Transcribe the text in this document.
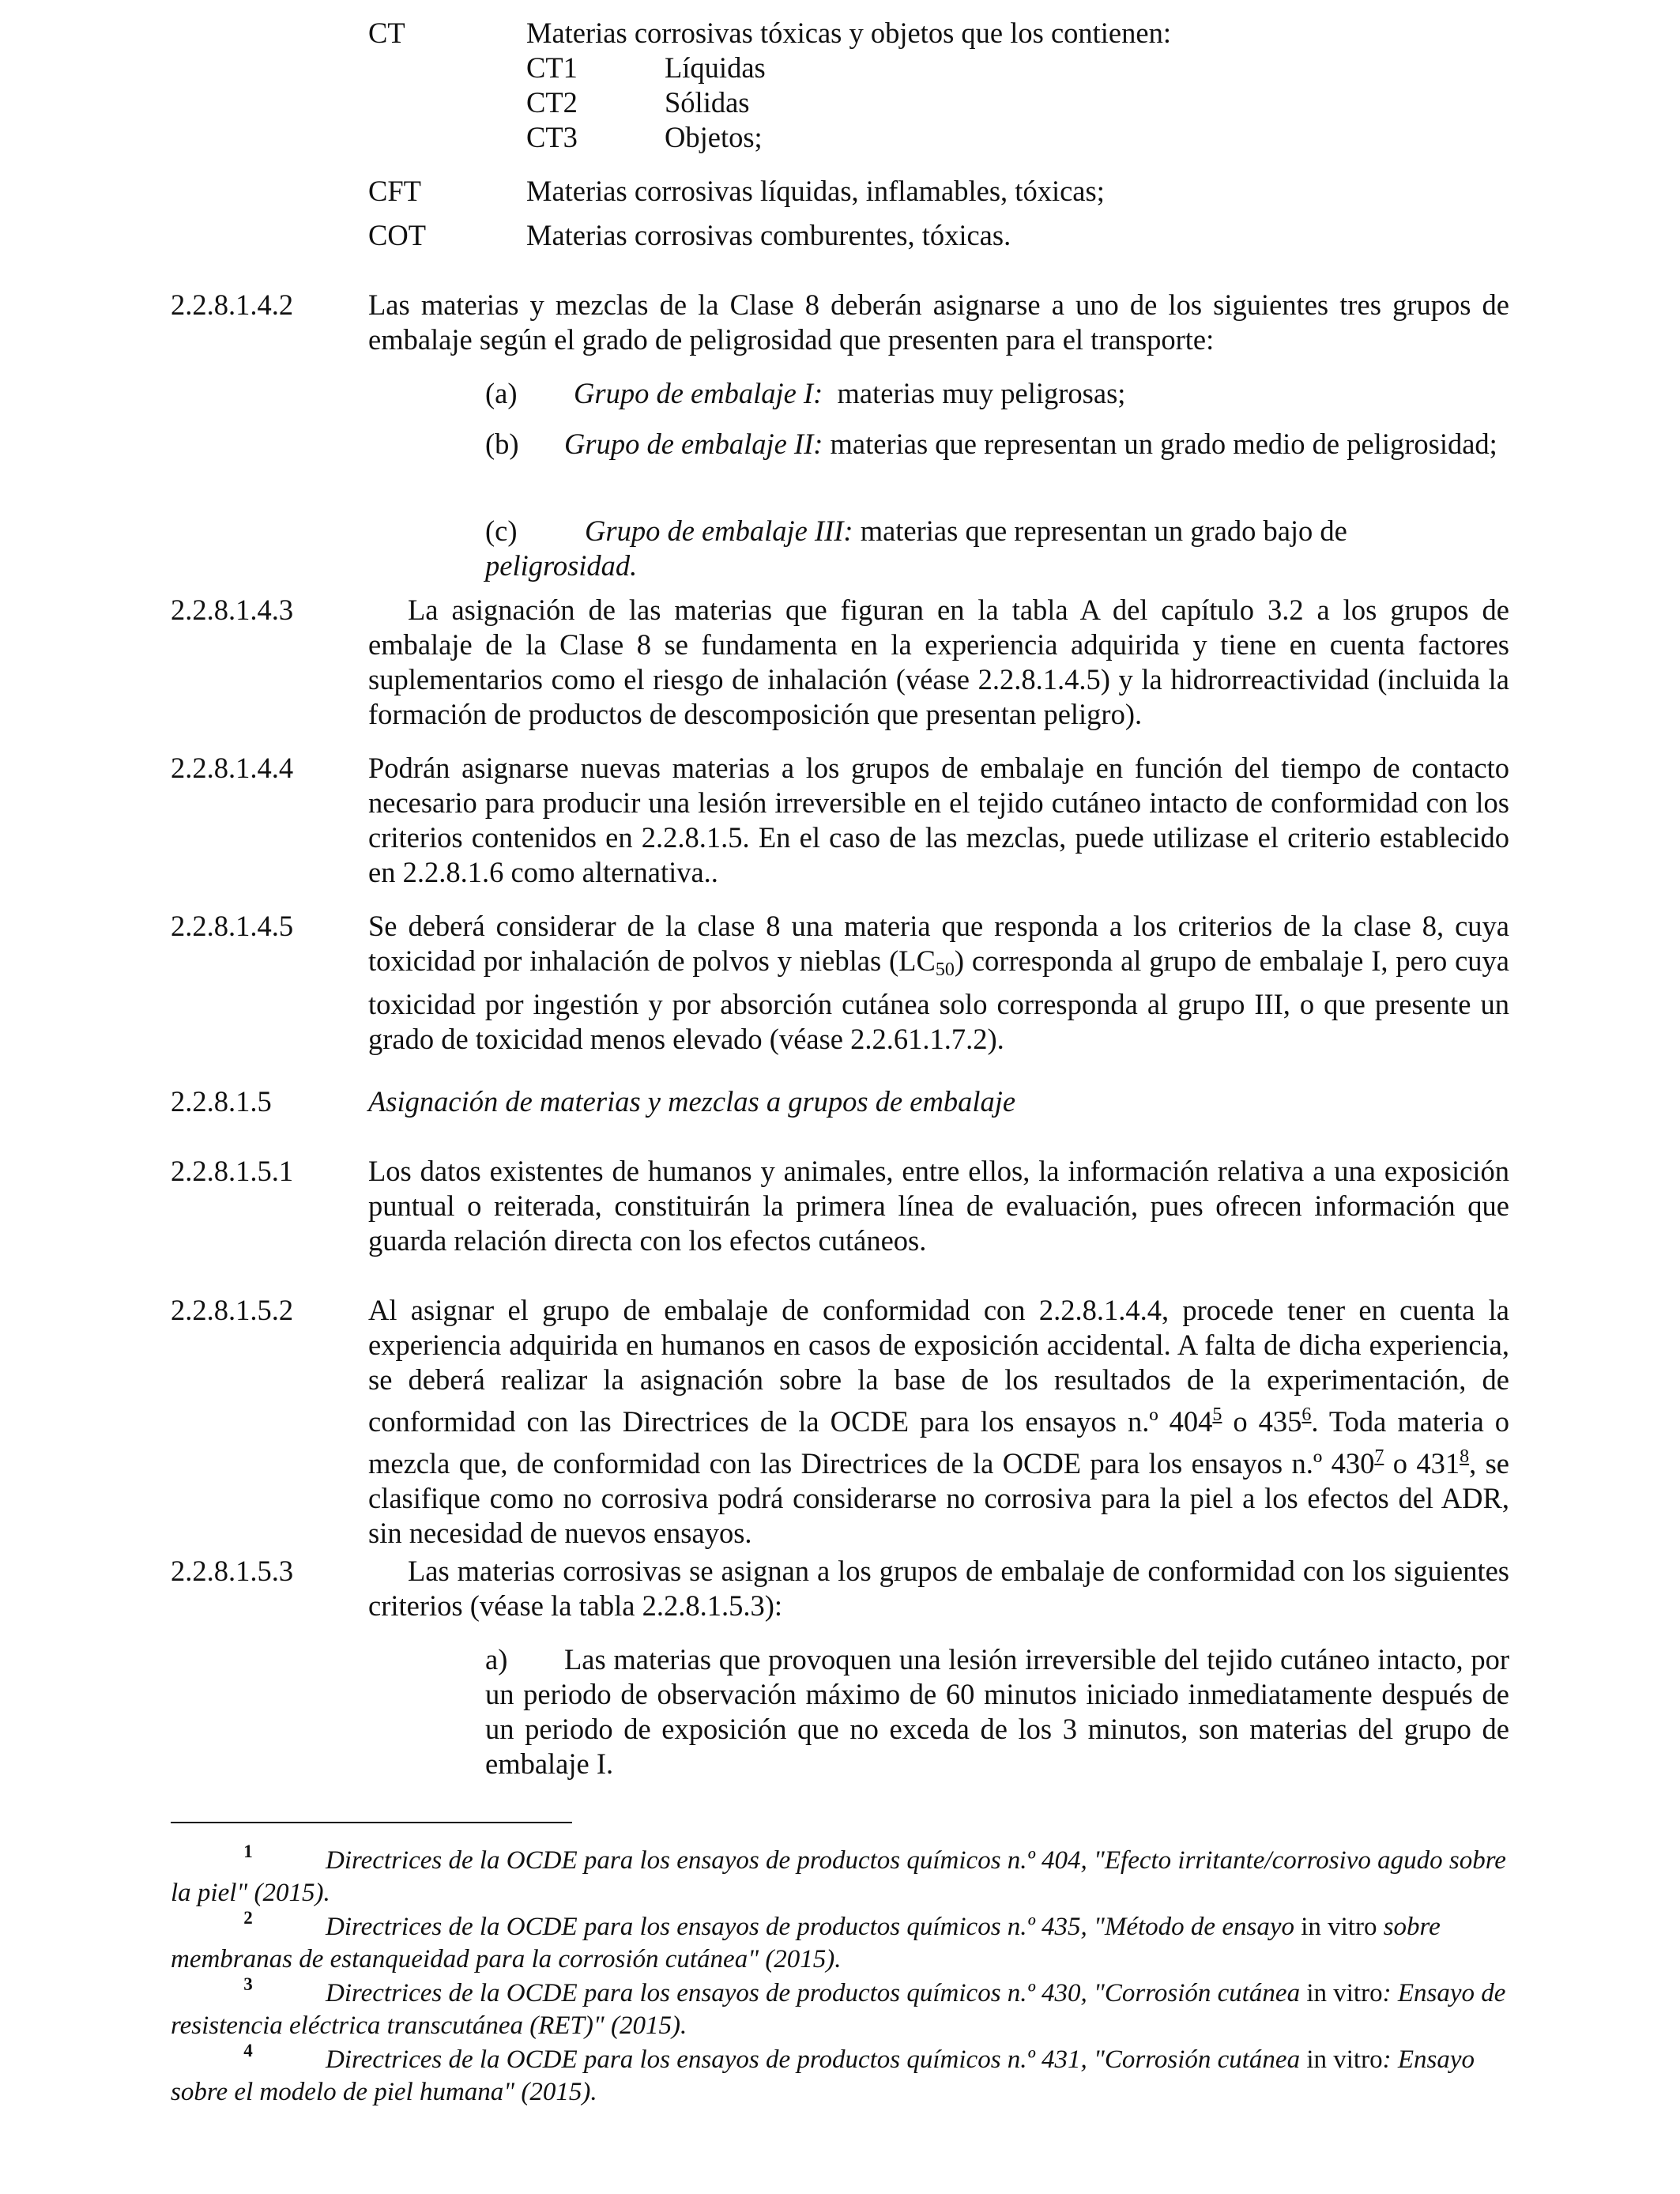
CT	Materias corrosivas tóxicas y objetos que los contienen:
CT1	Líquidas
CT2	Sólidas
CT3	Objetos;
CFT	Materias corrosivas líquidas, inflamables, tóxicas;
COT	Materias corrosivas comburentes, tóxicas.
2.2.8.1.4.2	Las materias y mezclas de la Clase 8 deberán asignarse a uno de los siguientes tres grupos de embalaje según el grado de peligrosidad que presenten para el transporte:
(a) Grupo de embalaje I: materias muy peligrosas;
(b) Grupo de embalaje II: materias que representan un grado medio de peligrosidad;
(c) Grupo de embalaje III: materias que representan un grado bajo de
peligrosidad.
2.2.8.1.4.3	La asignación de las materias que figuran en la tabla A del capítulo 3.2 a los grupos de embalaje de la Clase 8 se fundamenta en la experiencia adquirida y tiene en cuenta factores suplementarios como el riesgo de inhalación (véase 2.2.8.1.4.5) y la hidrorreactividad (incluida la formación de productos de descomposición que presentan peligro).
2.2.8.1.4.4	Podrán asignarse nuevas materias a los grupos de embalaje en función del tiempo de contacto necesario para producir una lesión irreversible en el tejido cutáneo intacto de conformidad con los criterios contenidos en 2.2.8.1.5. En el caso de las mezclas, puede utilizase el criterio establecido en 2.2.8.1.6 como alternativa..
2.2.8.1.4.5	Se deberá considerar de la clase 8 una materia que responda a los criterios de la clase 8, cuya toxicidad por inhalación de polvos y nieblas $(LC_{50})$ corresponda al grupo de embalaje I, pero cuya toxicidad por ingestión y por absorción cutánea solo corresponda al grupo III, o que presente un grado de toxicidad menos elevado (véase 2.2.61.1.7.2).
2.2.8.1.5	Asignación de materias y mezclas a grupos de embalaje
2.2.8.1.5.1	Los datos existentes de humanos y animales, entre ellos, la información relativa a una exposición puntual o reiterada, constituirán la primera línea de evaluación, pues ofrecen información que guarda relación directa con los efectos cutáneos.
2.2.8.1.5.2	Al asignar el grupo de embalaje de conformidad con 2.2.8.1.4.4, procede tener en cuenta la experiencia adquirida en humanos en casos de exposición accidental. A falta de dicha experiencia, se deberá realizar la asignación sobre la base de los resultados de la experimentación, de conformidad con las Directrices de la OCDE para los ensayos n.º 404$^5$ o 435$^6$. Toda materia o mezcla que, de conformidad con las Directrices de la OCDE para los ensayos n.º 430$^7$ o 431$^8$, se clasifique como no corrosiva podrá considerarse no corrosiva para la piel a los efectos del ADR, sin necesidad de nuevos ensayos.
2.2.8.1.5.3	Las materias corrosivas se asignan a los grupos de embalaje de conformidad con los siguientes criterios (véase la tabla 2.2.8.1.5.3):
a) Las materias que provoquen una lesión irreversible del tejido cutáneo intacto, por un periodo de observación máximo de 60 minutos iniciado inmediatamente después de un periodo de exposición que no exceda de los 3 minutos, son materias del grupo de embalaje I.
1	Directrices de la OCDE para los ensayos de productos químicos n.º 404, "Efecto irritante/corrosivo agudo sobre la piel" (2015).
2	Directrices de la OCDE para los ensayos de productos químicos n.º 435, "Método de ensayo in vitro sobre membranas de estanqueidad para la corrosión cutánea" (2015).
3	Directrices de la OCDE para los ensayos de productos químicos n.º 430, "Corrosión cutánea in vitro: Ensayo de resistencia eléctrica transcutánea (RET)" (2015).
4	Directrices de la OCDE para los ensayos de productos químicos n.º 431, "Corrosión cutánea in vitro: Ensayo sobre el modelo de piel humana" (2015).
